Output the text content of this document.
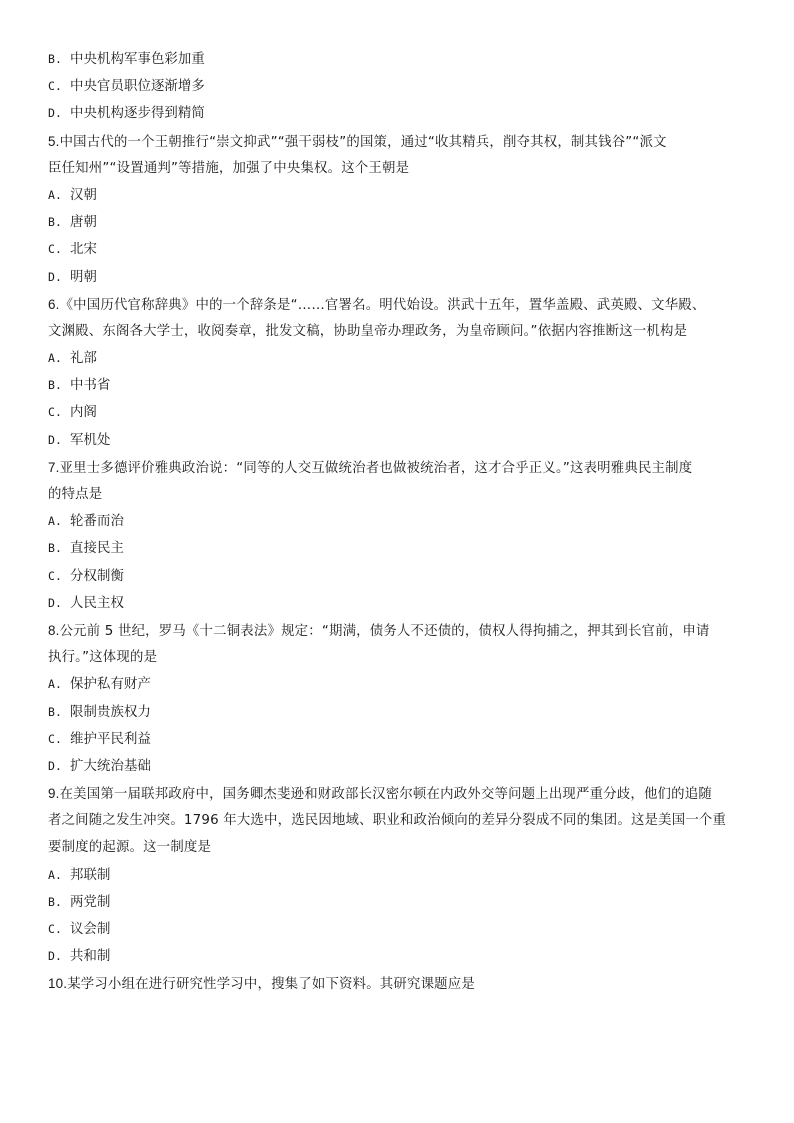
B. 中央机构军事色彩加重
C. 中央官员职位逐渐增多
D. 中央机构逐步得到精简
5.中国古代的一个王朝推行“崇文抑武”“强干弱枝”的国策，通过“收其精兵，削夺其权，制其钱谷”“派文
臣任知州”“设置通判”等措施，加强了中央集权。这个王朝是
A. 汉朝
B. 唐朝
C. 北宋
D. 明朝
6.《中国历代官称辞典》中的一个辞条是“……官署名。明代始设。洪武十五年，置华盖殿、武英殿、文华殿、
文渊殿、东阁各大学士，收阅奏章，批发文稿，协助皇帝办理政务，为皇帝顾问。”依据内容推断这一机构是
A. 礼部
B. 中书省
C. 内阁
D. 军机处
7.亚里士多德评价雅典政治说：“同等的人交互做统治者也做被统治者，这才合乎正义。”这表明雅典民主制度
的特点是
A. 轮番而治
B. 直接民主
C. 分权制衡
D. 人民主权
8.公元前 5 世纪，罗马《十二铜表法》规定：“期满，债务人不还债的，债权人得拘捕之，押其到长官前，申请
执行。”这体现的是
A. 保护私有财产
B. 限制贵族权力
C. 维护平民利益
D. 扩大统治基础
9.在美国第一届联邦政府中，国务卿杰斐逊和财政部长汉密尔顿在内政外交等问题上出现严重分歧，他们的追随
者之间随之发生冲突。1796 年大选中，选民因地域、职业和政治倾向的差异分裂成不同的集团。这是美国一个重
要制度的起源。这一制度是
A. 邦联制
B. 两党制
C. 议会制
D. 共和制
10.某学习小组在进行研究性学习中，搜集了如下资料。其研究课题应是
